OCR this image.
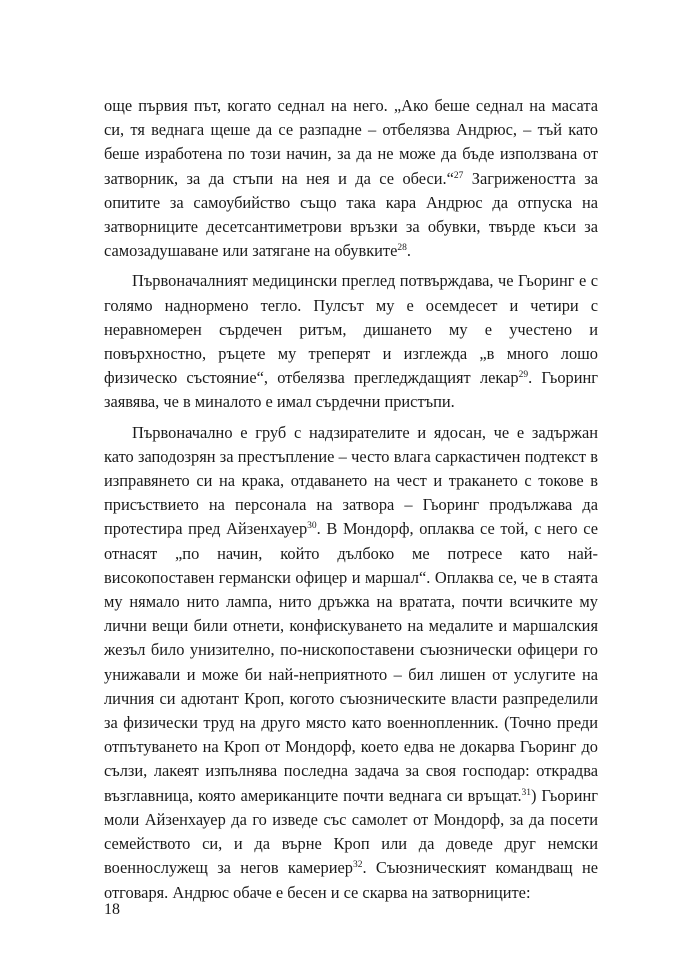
още първия път, когато седнал на него. „Ако беше седнал на масата си, тя веднага щеше да се разпадне – отбелязва Андрюс, – тъй като беше изработена по този начин, за да не може да бъде използвана от затворник, за да стъпи на нея и да се обеси.“$^{27}$ Загрижеността за опитите за самоубийство също така кара Андрюс да отпуска на затворниците десетсантиметрови връзки за обувки, твърде къси за самозадушаване или затягане на обувките$^{28}$.

Първоначалният медицински преглед потвърждава, че Гьоринг е с голямо наднормено тегло. Пулсът му е осемдесет и четири с неравномерен сърдечен ритъм, дишането му е учестено и повърхностно, ръцете му треперят и изглежда „в много лошо физическо състояние“, отбелязва прегледждащият лекар$^{29}$. Гьоринг заявява, че в миналото е имал сърдечни пристъпи.

Първоначално е груб с надзирателите и ядосан, че е задържан като заподозрян за престъпление – често влага саркастичен подтекст в изправянето си на крака, отдаването на чест и тракането с токове в присъствието на персонала на затвора – Гьоринг продължава да протестира пред Айзенхауер$^{30}$. В Мондорф, оплаква се той, с него се отнасят „по начин, който дълбоко ме потресе като най-високопоставен германски офицер и маршал“. Оплаква се, че в стаята му нямало нито лампа, нито дръжка на вратата, почти всичките му лични вещи били отнети, конфискуването на медалите и маршалския жезъл било унизително, по-нископоставени съюзнически офицери го унижавали и може би най-неприятното – бил лишен от услугите на личния си адютант Кроп, когото съюзническите власти разпределили за физически труд на друго място като военнопленник. (Точно преди отпътуването на Кроп от Мондорф, което едва не докарва Гьоринг до сълзи, лакеят изпълнява последна задача за своя господар: открадва възглавница, която американците почти веднага си връщат.$^{31}$) Гьоринг моли Айзенхауер да го изведе със самолет от Мондорф, за да посети семейството си, и да върне Кроп или да доведе друг немски военнослужещ за негов камериер$^{32}$. Съюзническият командващ не отговаря. Андрюс обаче е бесен и се скарва на затворниците:

18
